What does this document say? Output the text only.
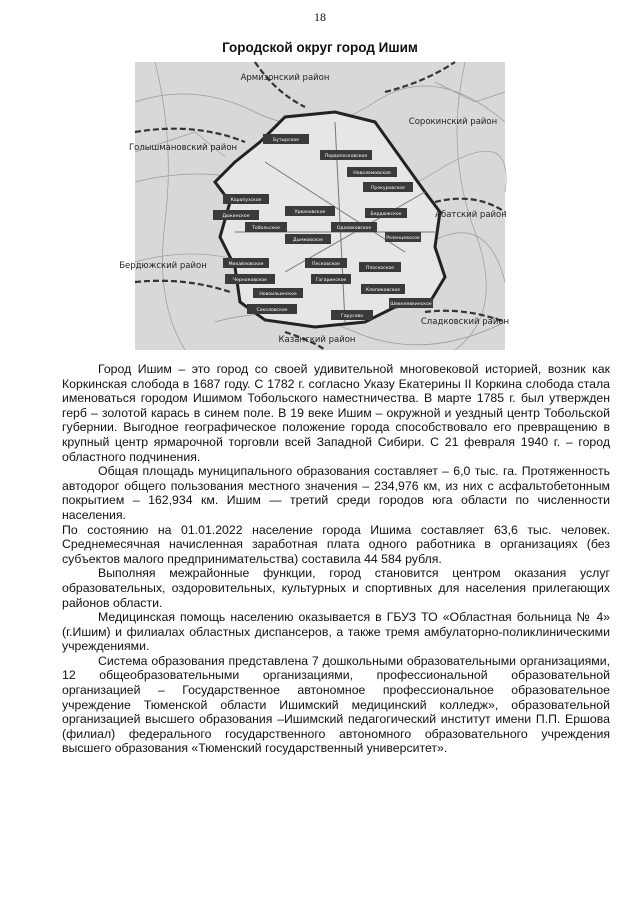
18
Городской округ город Ишим
Армизонский район
Сорокинский район
Голышмановский район
Абатский район
Бердюжский район
Сладковский район
Казанский район
Бутырское
Первопесковское
Новоломовская
Прокуровское
Карапузское
Дюкинское
Урвановское	Бердюжское
Тобольское
Дымковское
Одоевковское
Розенцевское
Михайловское	Песковское
Плоскоское
Черноковское	Гагаринское
Клепиковское
Новоильинское
Шевелевкинское
Соколовское
Гарусово

Город Ишим – это город со своей удивительной многовековой историей, возник как Коркинская слобода в 1687 году. С 1782 г. согласно Указу Екатерины II Коркина слобода стала именоваться городом Ишимом Тобольского наместничества. В марте 1785 г. был утвержден герб – золотой карась в синем поле. В 19 веке Ишим – окружной и уездный центр Тобольской губернии. Выгодное географическое положение города способствовало его превращению в крупный центр ярмарочной торговли всей Западной Сибири. С 21 февраля 1940 г. – город областного подчинения.

Общая площадь муниципального образования составляет – 6,0 тыс. га. Протяженность автодорог общего пользования местного значения – 234,976 км, из них с асфальтобетонным покрытием – 162,934 км. Ишим — третий среди городов юга области по численности населения.

По состоянию на 01.01.2022 население города Ишима составляет 63,6 тыс. человек. Среднемесячная начисленная заработная плата одного работника в организациях (без субъектов малого предпринимательства) составила 44 584 рубля.

Выполняя межрайонные функции, город становится центром оказания услуг образовательных, оздоровительных, культурных и спортивных для населения прилегающих районов области.

Медицинская помощь населению оказывается в ГБУЗ ТО «Областная больница № 4» (г.Ишим) и филиалах областных диспансеров, а также тремя амбулаторно-поликлиническими учреждениями.

Система образования представлена 7 дошкольными образовательными организациями, 12 общеобразовательными организациями, профессиональной образовательной организацией – Государственное автономное профессиональное образовательное учреждение Тюменской области Ишимский медицинский колледж», образовательной организацией высшего образования –Ишимский педагогический институт имени П.П. Ершова (филиал) федерального государственного автономного образовательного учреждения высшего образования «Тюменский государственный университет».
